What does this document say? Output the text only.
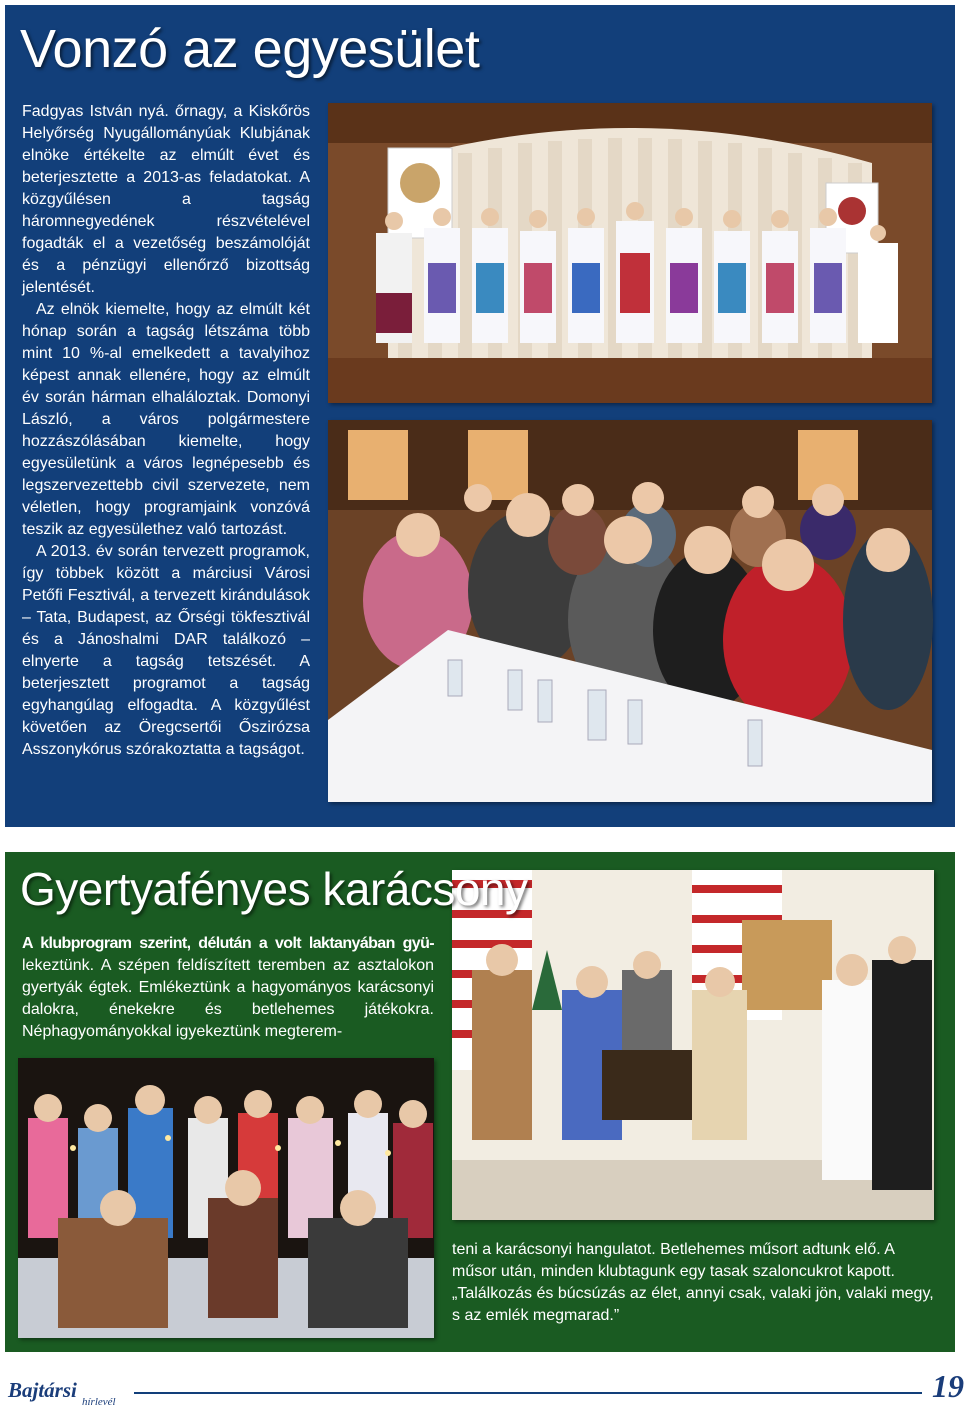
Vonzó az egyesület

Fadgyas István nyá. őrnagy, a Kiskőrös Helyőrség Nyugállományúak Klubjának elnöke értékelte az elmúlt évet és beterjesztette a 2013-as feladatokat. A közgyűlésen a tagság háromnegyedének részvételével fogadták el a vezetőség beszámolóját és a pénzügyi ellenőrző bizottság jelentését.

Az elnök kiemelte, hogy az elmúlt két hónap során a tagság létszáma több mint 10 %-al emelkedett a tavalyihoz képest annak ellenére, hogy az elmúlt év során hárman elhaláloztak. Domonyi László, a város polgármestere hozzászólásában kiemelte, hogy egyesületünk a város legnépesebb és legszervezettebb civil szervezete, nem véletlen, hogy programjaink vonzóvá teszik az egyesülethez való tartozást.

A 2013. év során tervezett programok, így többek között a márciusi Városi Petőfi Fesztivál, a tervezett kirándulások – Tata, Budapest, az Őrségi tökfesztivál és a Jánoshalmi DAR találkozó – elnyerte a tagság tetszését. A beterjesztett programot a tagság egyhangúlag elfogadta. A közgyűlést követően az Öregcsertői Őszirózsa Asszonykórus szórakoztatta a tagságot.

Gyertyafényes karácsony

A klubprogram szerint, délután a volt laktanyában gyü- lekeztünk. A szépen feldíszített teremben az asztalokon gyertyák égtek. Emlékeztünk a hagyományos karácsonyi dalokra, énekekre és betlehemes játékokra. Néphagyományokkal igyekeztünk megterem-

teni a karácsonyi hangulatot. Betlehemes műsort adtunk elő. A műsor után, minden klubtagunk egy tasak szaloncukrot kapott. „Találkozás és búcsúzás az élet, annyi csak, valaki jön, valaki megy, s az emlék megmarad.”

Bajtársi hírlevél	19
